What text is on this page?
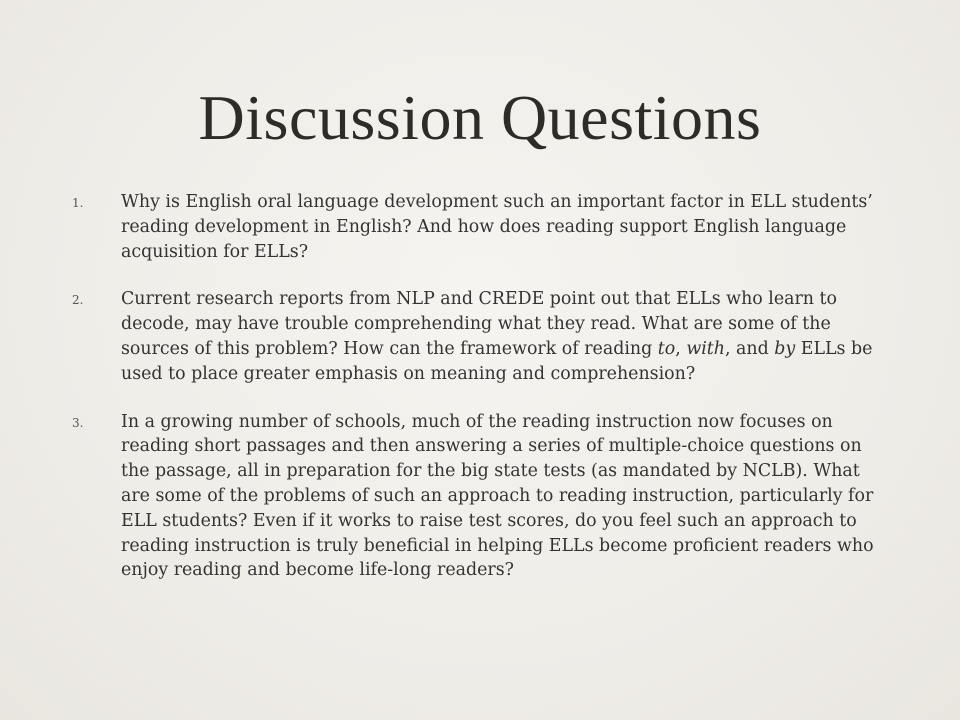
Discussion Questions
1. Why is English oral language development such an important factor in ELL students’ reading development in English? And how does reading support English language acquisition for ELLs?
2. Current research reports from NLP and CREDE point out that ELLs who learn to decode, may have trouble comprehending what they read. What are some of the sources of this problem? How can the framework of reading to, with, and by ELLs be used to place greater emphasis on meaning and comprehension?
3. In a growing number of schools, much of the reading instruction now focuses on reading short passages and then answering a series of multiple-choice questions on the passage, all in preparation for the big state tests (as mandated by NCLB). What are some of the problems of such an approach to reading instruction, particularly for ELL students? Even if it works to raise test scores, do you feel such an approach to reading instruction is truly beneficial in helping ELLs become proficient readers who enjoy reading and become life-long readers?
